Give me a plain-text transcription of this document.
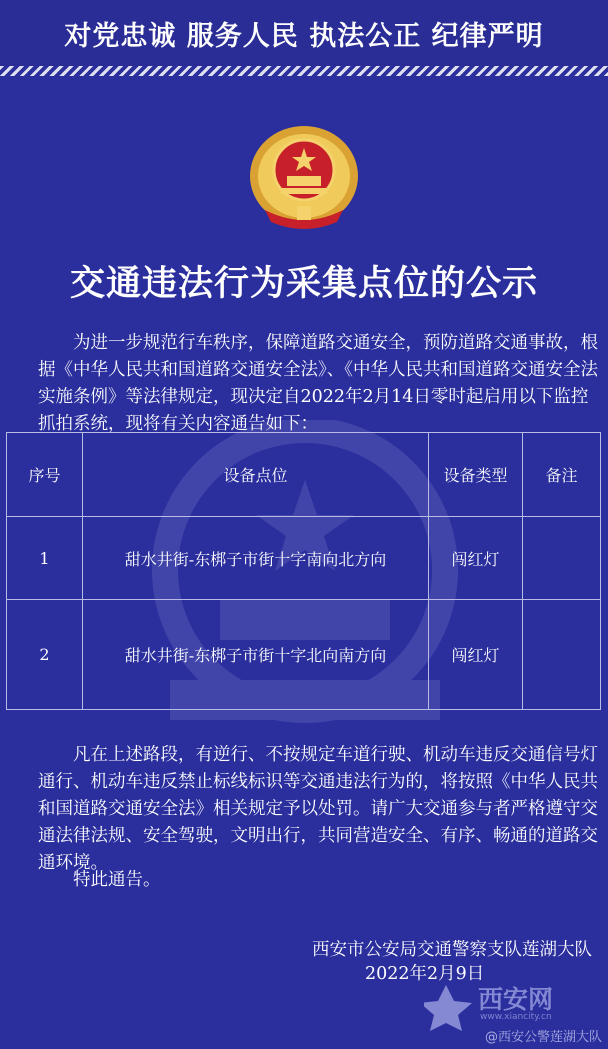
对党忠诚 服务人民 执法公正 纪律严明
交通违法行为采集点位的公示
为进一步规范行车秩序，保障道路交通安全，预防道路交通事故，根据《中华人民共和国道路交通安全法》、《中华人民共和国道路交通安全法实施条例》等法律规定，现决定自2022年2月14日零时起启用以下监控抓拍系统，现将有关内容通告如下：
序号	设备点位	设备类型	备注
1	甜水井街-东梆子市街十字南向北方向	闯红灯	
2	甜水井街-东梆子市街十字北向南方向	闯红灯	
凡在上述路段，有逆行、不按规定车道行驶、机动车违反交通信号灯通行、机动车违反禁止标线标识等交通违法行为的，将按照《中华人民共和国道路交通安全法》相关规定予以处罚。请广大交通参与者严格遵守交通法律法规、安全驾驶，文明出行，共同营造安全、有序、畅通的道路交通环境。
特此通告。
西安市公安局交通警察支队莲湖大队
2022年2月9日
西安网
www.xiancity.cn
@西安公警莲湖大队
